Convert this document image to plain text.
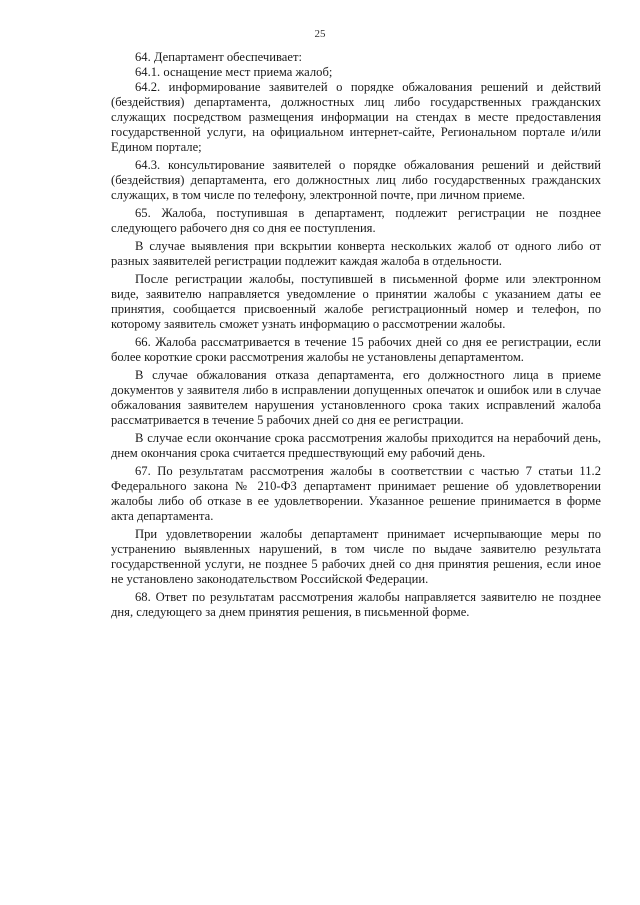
25

64. Департамент обеспечивает:

64.1. оснащение мест приема жалоб;

64.2. информирование заявителей о порядке обжалования решений и действий (бездействия) департамента, должностных лиц либо государственных гражданских служащих посредством размещения информации на стендах в месте предоставления государственной услуги, на официальном интернет-сайте, Региональном портале и/или Едином портале;

64.3. консультирование заявителей о порядке обжалования решений и действий (бездействия) департамента, его должностных лиц либо государственных гражданских служащих, в том числе по телефону, электронной почте, при личном приеме.

65. Жалоба, поступившая в департамент, подлежит регистрации не позднее следующего рабочего дня со дня ее поступления.

В случае выявления при вскрытии конверта нескольких жалоб от одного либо от разных заявителей регистрации подлежит каждая жалоба в отдельности.

После регистрации жалобы, поступившей в письменной форме или электронном виде, заявителю направляется уведомление о принятии жалобы с указанием даты ее принятия, сообщается присвоенный жалобе регистрационный номер и телефон, по которому заявитель сможет узнать информацию о рассмотрении жалобы.

66. Жалоба рассматривается в течение 15 рабочих дней со дня ее регистрации, если более короткие сроки рассмотрения жалобы не установлены департаментом.

В случае обжалования отказа департамента, его должностного лица в приеме документов у заявителя либо в исправлении допущенных опечаток и ошибок или в случае обжалования заявителем нарушения установленного срока таких исправлений жалоба рассматривается в течение 5 рабочих дней со дня ее регистрации.

В случае если окончание срока рассмотрения жалобы приходится на нерабочий день, днем окончания срока считается предшествующий ему рабочий день.

67. По результатам рассмотрения жалобы в соответствии с частью 7 статьи 11.2 Федерального закона № 210-ФЗ департамент принимает решение об удовлетворении жалобы либо об отказе в ее удовлетворении. Указанное решение принимается в форме акта департамента.

При удовлетворении жалобы департамент принимает исчерпывающие меры по устранению выявленных нарушений, в том числе по выдаче заявителю результата государственной услуги, не позднее 5 рабочих дней со дня принятия решения, если иное не установлено законодательством Российской Федерации.

68. Ответ по результатам рассмотрения жалобы направляется заявителю не позднее дня, следующего за днем принятия решения, в письменной форме.
